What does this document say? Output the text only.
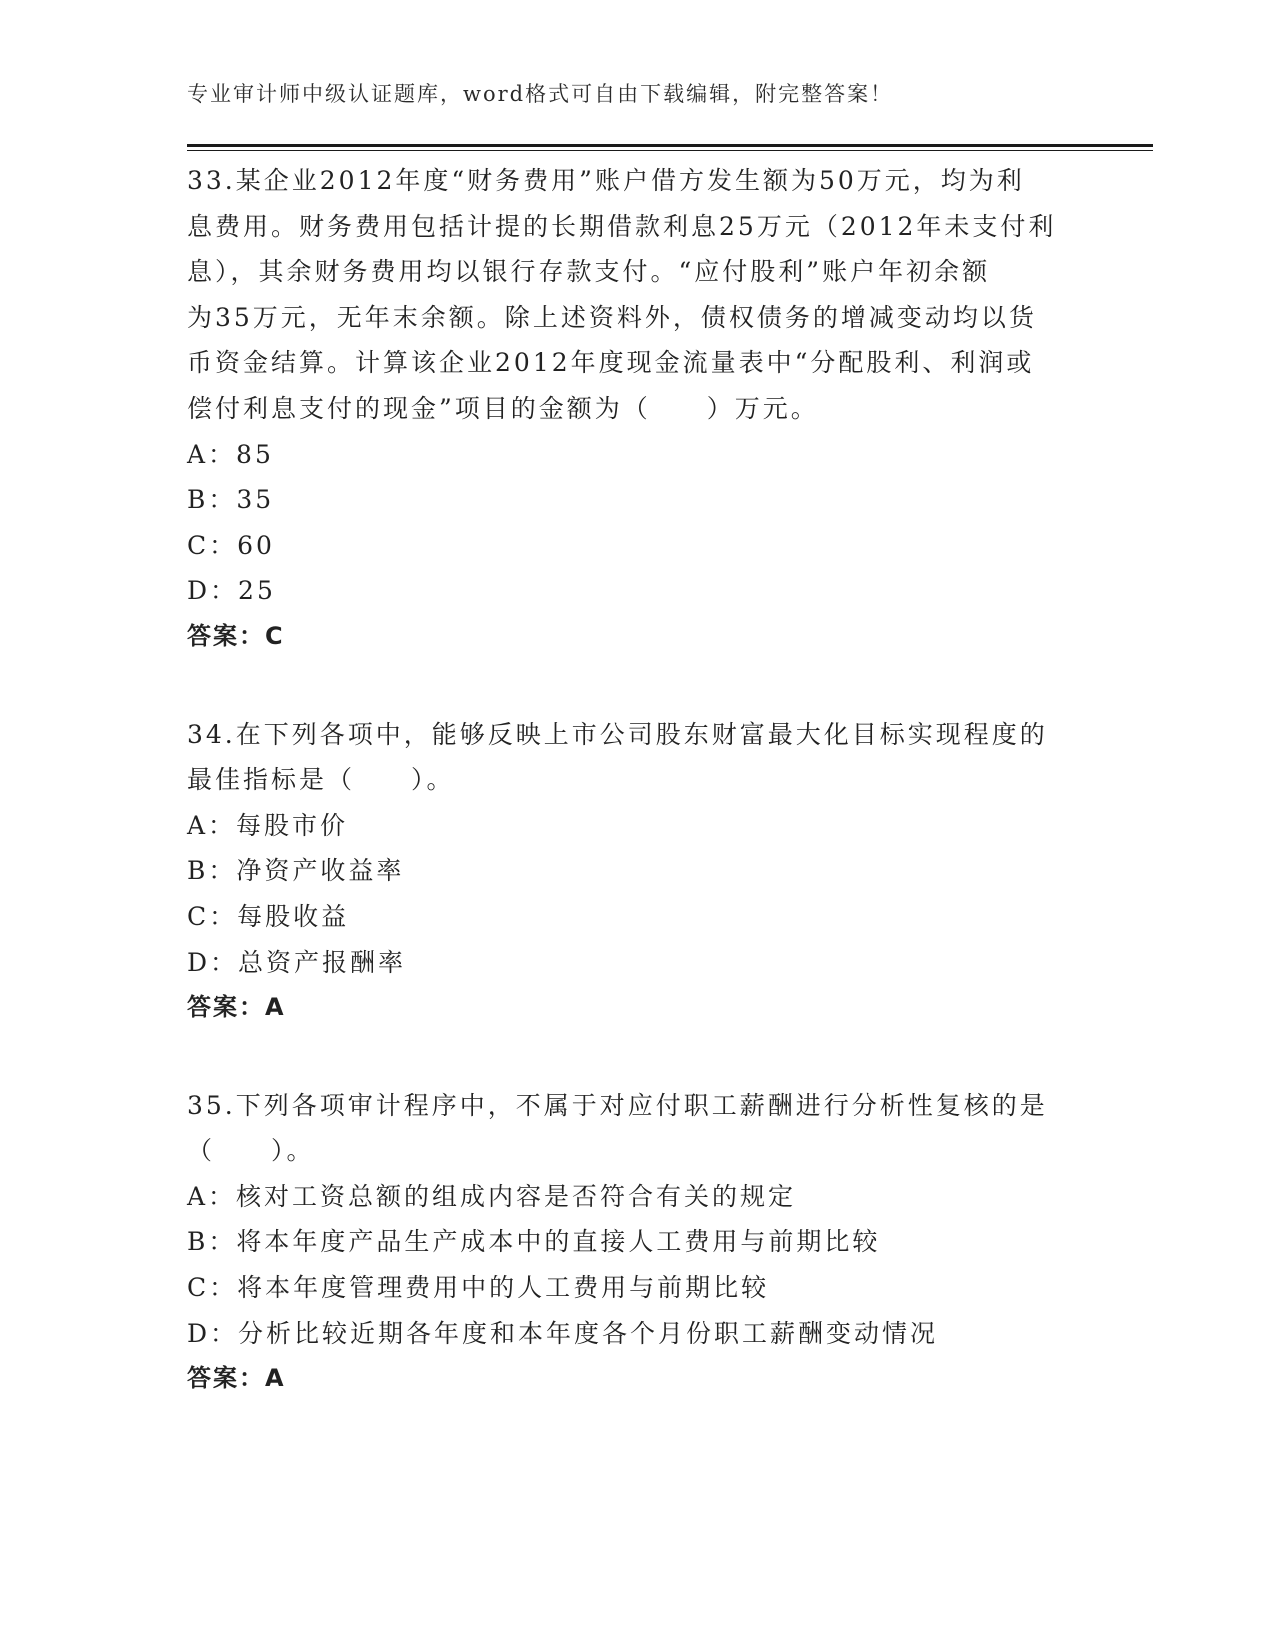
专业审计师中级认证题库，word格式可自由下载编辑，附完整答案！
33.某企业2012年度“财务费用”账户借方发生额为50万元，均为利
息费用。财务费用包括计提的长期借款利息25万元（2012年未支付利
息），其余财务费用均以银行存款支付。“应付股利”账户年初余额
为35万元，无年末余额。除上述资料外，债权债务的增减变动均以货
币资金结算。计算该企业2012年度现金流量表中“分配股利、利润或
偿付利息支付的现金”项目的金额为（　　）万元。
A：85
B：35
C：60
D：25
答案：C
34.在下列各项中，能够反映上市公司股东财富最大化目标实现程度的
最佳指标是（　　）。
A：每股市价
B：净资产收益率
C：每股收益
D：总资产报酬率
答案：A
35.下列各项审计程序中，不属于对应付职工薪酬进行分析性复核的是
（　　）。
A：核对工资总额的组成内容是否符合有关的规定
B：将本年度产品生产成本中的直接人工费用与前期比较
C：将本年度管理费用中的人工费用与前期比较
D：分析比较近期各年度和本年度各个月份职工薪酬变动情况
答案：A
